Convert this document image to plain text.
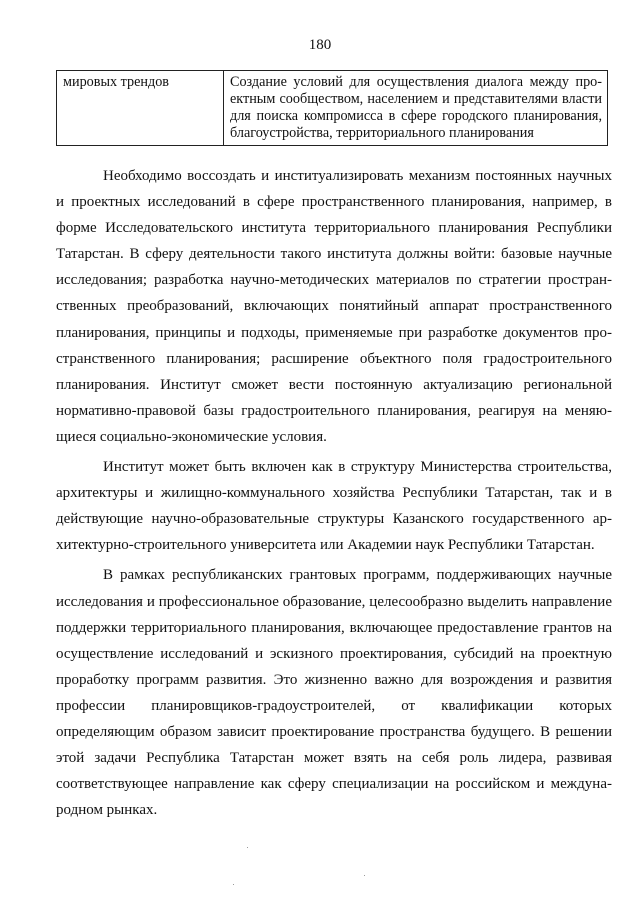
180
мировых трендов	Создание условий для осуществления диалога между проектным сообществом, населением и представителями власти для поиска компромисса в сфере городского планирования, благоустройства, территориального планирования

Необходимо воссоздать и институализировать механизм постоянных научных и проектных исследований в сфере пространственного планирования, например, в форме Исследовательского института территориального планирования Республики Татарстан. В сферу деятельности такого института должны войти: базовые научные исследования; разработка научно-методических материалов по стратегии пространственных преобразований, включающих понятийный аппарат пространственного планирования, принципы и подходы, применяемые при разработке документов пространственного планирования; расширение объектного поля градостроительного планирования. Институт сможет вести постоянную актуализацию региональной нормативно-правовой базы градостроительного планирования, реагируя на меняющиеся социально-экономические условия.

Институт может быть включен как в структуру Министерства строительства, архитектуры и жилищно-коммунального хозяйства Республики Татарстан, так и в действующие научно-образовательные структуры Казанского государственного архитектурно-строительного университета или Академии наук Республики Татарстан.

В рамках республиканских грантовых программ, поддерживающих научные исследования и профессиональное образование, целесообразно выделить направление поддержки территориального планирования, включающее предоставление грантов на осуществление исследований и эскизного проектирования, субсидий на проектную проработку программ развития. Это жизненно важно для возрождения и развития профессии планировщиков-градоустроителей, от квалификации которых определяющим образом зависит проектирование пространства будущего. В решении этой задачи Республика Татарстан может взять на себя роль лидера, развивая соответствующее направление как сферу специализации на российском и международном рынках.
